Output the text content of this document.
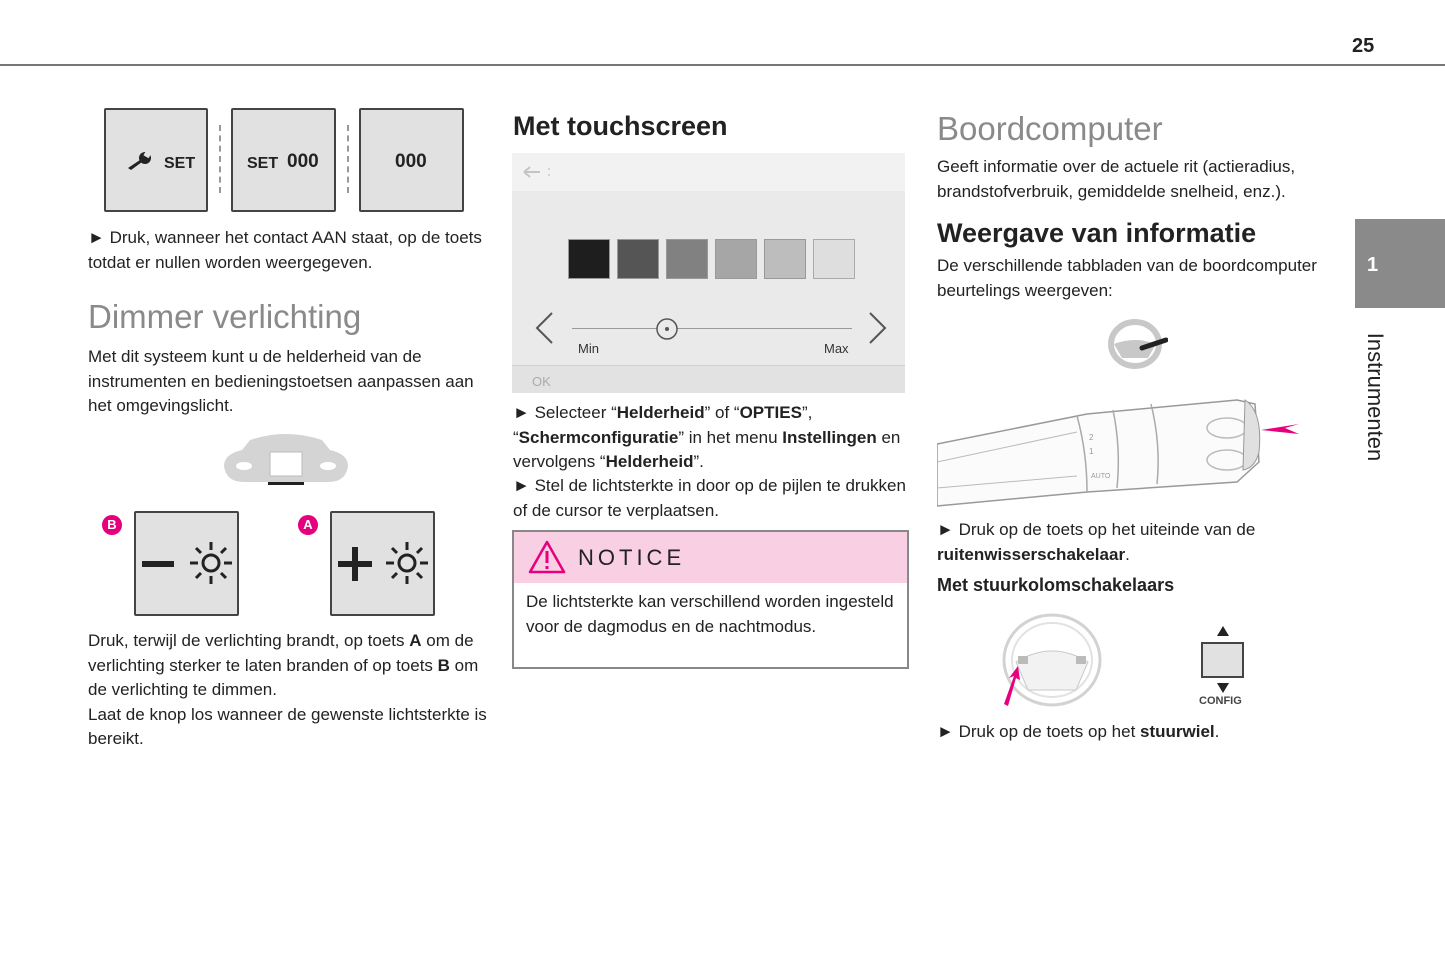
25
1
Instrumenten
SET	SET 000	000
► Druk, wanneer het contact AAN staat, op de toets totdat er nullen worden weergegeven.
Dimmer verlichting
Met dit systeem kunt u de helderheid van de instrumenten en bedieningstoetsen aanpassen aan het omgevingslicht.
B	A
Druk, terwijl de verlichting brandt, op toets A om de verlichting sterker te laten branden of op toets B om de verlichting te dimmen.
Laat de knop los wanneer de gewenste lichtsterkte is bereikt.
Met touchscreen
Min	Max
OK
► Selecteer “Helderheid” of “OPTIES”, “Schermconfiguratie” in het menu Instellingen en vervolgens “Helderheid”.
► Stel de lichtsterkte in door op de pijlen te drukken of de cursor te verplaatsen.
NOTICE
De lichtsterkte kan verschillend worden ingesteld voor de dagmodus en de nachtmodus.
Boordcomputer
Geeft informatie over de actuele rit (actieradius, brandstofverbruik, gemiddelde snelheid, enz.).
Weergave van informatie
De verschillende tabbladen van de boordcomputer beurtelings weergeven:
2
1
AUTO
► Druk op de toets op het uiteinde van de ruitenwisserschakelaar.
Met stuurkolomschakelaars
CONFIG
► Druk op de toets op het stuurwiel.
